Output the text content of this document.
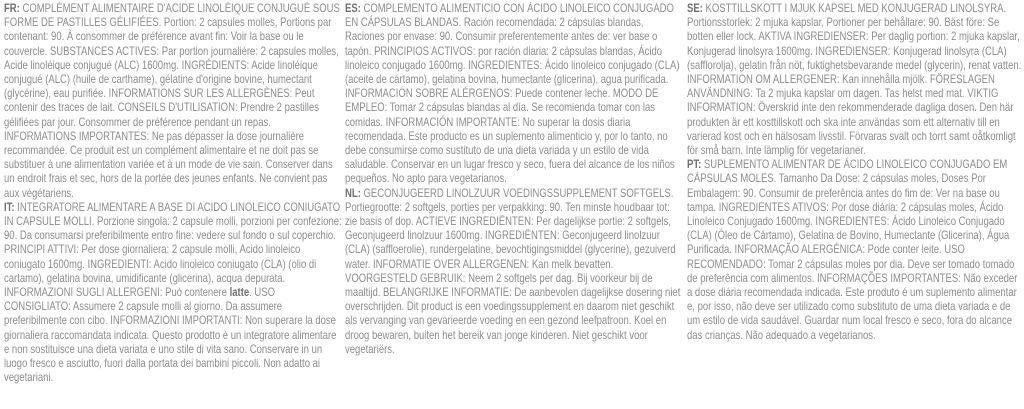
FR: COMPLÉMENT ALIMENTAIRE D'ACIDE LINOLÉIQUE CONJUGUÉ SOUS FORME DE PASTILLES GÉLIFIÉES. Portion: 2 capsules molles, Portions par contenant: 90. À consommer de préférence avant fin: Voir la base ou le couvercle. SUBSTANCES ACTIVES: Par portion journalière: 2 capsules molles, Acide linoléique conjugué (ALC) 1600mg. INGRÉDIENTS: Acide linoléique conjugué (ALC) (huile de carthame), gélatine d'origine bovine, humectant (glycérine), eau purifiée. INFORMATIONS SUR LES ALLERGÈNES: Peut contenir des traces de lait. CONSEILS D'UTILISATION: Prendre 2 pastilles gélifiées par jour. Consommer de préférence pendant un repas. INFORMATIONS IMPORTANTES: Ne pas dépasser la dose journalière recommandée. Ce produit est un complément alimentaire et ne doit pas se substituer à une alimentation variée et à un mode de vie sain. Conserver dans un endroit frais et sec, hors de la portée des jeunes enfants. Ne convient pas aux végétariens.

IT: INTEGRATORE ALIMENTARE A BASE DI ACIDO LINOLEICO CONIUGATO IN CAPSULE MOLLI. Porzione singola: 2 capsule molli, porzioni per confezione: 90. Da consumarsi preferibilmente entro fine: vedere sul fondo o sul coperchio. PRINCIPI ATTIVI: Per dose giornaliera: 2 capsule molli, Acido linoleico coniugato 1600mg. INGREDIENTI: Acido linoleico coniugato (CLA) (olio di cartamo), gelatina bovina, umidificante (glicerina), acqua depurata. INFORMAZIONI SUGLI ALLERGENI: Può contenere latte. USO CONSIGLIATO: Assumere 2 capsule molli al giorno. Da assumere preferibilmente con cibo. INFORMAZIONI IMPORTANTI: Non superare la dose giornaliera raccomandata indicata. Questo prodotto è un integratore alimentare e non sostituisce una dieta variata e uno stile di vita sano. Conservare in un luogo fresco e asciutto, fuori dalla portata dei bambini piccoli. Non adatto ai vegetariani.

ES: COMPLEMENTO ALIMENTICIO CON ÁCIDO LINOLEICO CONJUGADO EN CÁPSULAS BLANDAS. Ración recomendada: 2 cápsulas blandas, Raciones por envase: 90. Consumir preferentemente antes de: ver base o tapón. PRINCIPIOS ACTIVOS: por ración diaria: 2 cápsulas blandas, Ácido linoleico conjugado 1600mg. INGREDIENTES: Ácido linoleico conjugado (CLA) (aceite de cártamo), gelatina bovina, humectante (glicerina), agua purificada. INFORMACIÓN SOBRE ALÉRGENOS: Puede contener leche. MODO DE EMPLEO: Tomar 2 cápsulas blandas al día. Se recomienda tomar con las comidas. INFORMACIÓN IMPORTANTE: No superar la dosis diaria recomendada. Este producto es un suplemento alimenticio y, por lo tanto, no debe consumirse como sustituto de una dieta variada y un estilo de vida saludable. Conservar en un lugar fresco y seco, fuera del alcance de los niños pequeños. No apto para vegetarianos.

NL: GECONJUGEERD LINOLZUUR VOEDINGSSUPPLEMENT SOFTGELS. Portiegrootte: 2 softgels, porties per verpakking: 90. Ten minste houdbaar tot: zie basis of dop. ACTIEVE INGREDIËNTEN: Per dagelijkse portie: 2 softgels, Geconjugeerd linolzuur 1600mg. INGREDIËNTEN: Geconjugeerd linolzuur (CLA) (saffloerolie), rundergelatine, bevochtigingsmiddel (glycerine), gezuiverd water. INFORMATIE OVER ALLERGENEN: Kan melk bevatten. VOORGESTELD GEBRUIK: Neem 2 softgels per dag. Bij voorkeur bij de maaltijd. BELANGRIJKE INFORMATIE: De aanbevolen dagelijkse dosering niet overschrijden. Dit product is een voedingssupplement en daarom niet geschikt als vervanging van gevarieerde voeding en een gezond leefpatroon. Koel en droog bewaren, buiten het bereik van jonge kinderen. Niet geschikt voor vegetariërs.

SE: KOSTTILLSKOTT I MJUK KAPSEL MED KONJUGERAD LINOLSYRA. Portionsstorlek: 2 mjuka kapslar, Portioner per behållare: 90. Bäst före: Se botten eller lock. AKTIVA INGREDIENSER: Per daglig portion: 2 mjuka kapslar, Konjugerad linolsyra 1600mg. INGREDIENSER: Konjugerad linolsyra (CLA) (safflorolja), gelatin från nöt, fuktighetsbevarande medel (glycerin), renat vatten. INFORMATION OM ALLERGENER: Kan innehålla mjölk. FÖRESLAGEN ANVÄNDNING: Ta 2 mjuka kapslar om dagen. Tas helst med mat. VIKTIG INFORMATION: Överskrid inte den rekommenderade dagliga dosen. Den här produkten är ett kosttillskott och ska inte användas som ett alternativ till en varierad kost och en hälsosam livsstil. Förvaras svalt och torrt samt oåtkomligt för små barn. Inte lämplig för vegetarianer.

PT: SUPLEMENTO ALIMENTAR DE ÁCIDO LINOLEICO CONJUGADO EM CÁPSULAS MOLES. Tamanho Da Dose: 2 cápsulas moles, Doses Por Embalagem: 90. Consumir de preferência antes do fim de: Ver na base ou tampa. INGREDIENTES ATIVOS: Por dose diária: 2 cápsulas moles, Ácido Linoleico Conjugado 1600mg. INGREDIENTES: Ácido Linoleico Conjugado (CLA) (Óleo de Cártamo), Gelatina de Bovino, Humectante (Glicerina), Água Purificada. INFORMAÇÃO ALERGÉNICA: Pode conter leite. USO RECOMENDADO: Tomar 2 cápsulas moles por dia. Deve ser tomado tomado de preferência com alimentos. INFORMAÇÕES IMPORTANTES: Não exceder a dose diária recomendada indicada. Este produto é um suplemento alimentar e, por isso, não deve ser utilizado como substituto de uma dieta variada e de um estilo de vida saudável. Guardar num local fresco e seco, fora do alcance das crianças. Não adequado a vegetarianos.
